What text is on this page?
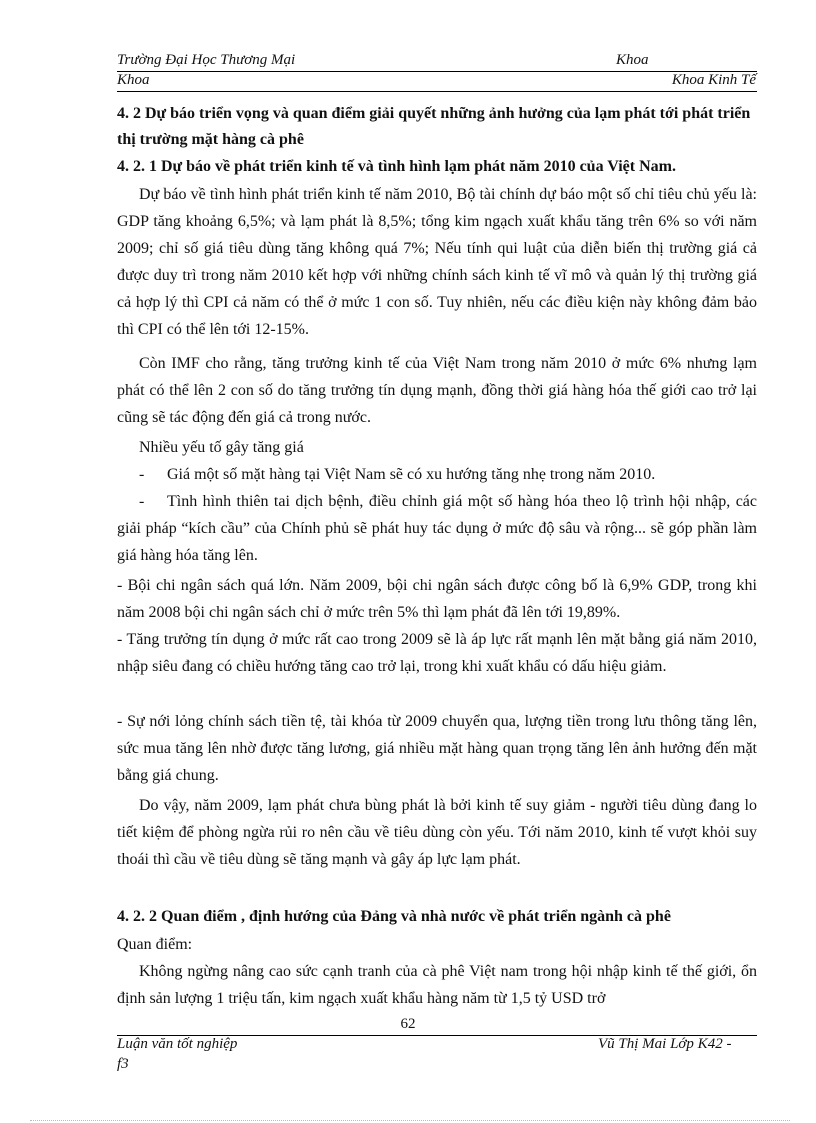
Trường Đại Học Thương Mại	Khoa
Khoa	Khoa Kinh Tế
4. 2 Dự báo triển vọng và quan điểm giải quyết những ảnh hưởng của lạm phát tới phát triển thị trường mặt hàng cà phê
4. 2. 1 Dự báo về phát triển kinh tế và tình hình lạm phát năm 2010 của Việt Nam.
Dự báo về tình hình phát triển kinh tế năm 2010, Bộ tài chính dự báo một số chỉ tiêu chủ yếu là: GDP tăng khoảng 6,5%; và lạm phát là 8,5%; tổng kim ngạch xuất khẩu tăng trên 6% so với năm 2009; chỉ số giá tiêu dùng tăng không quá 7%; Nếu tính qui luật của diễn biến thị trường giá cả được duy trì trong năm 2010 kết hợp với những chính sách kinh tế vĩ mô và quản lý thị trường giá cả hợp lý thì CPI cả năm có thể ở mức 1 con số. Tuy nhiên, nếu các điều kiện này không đảm bảo thì CPI có thể lên tới 12-15%.
Còn IMF cho rằng, tăng trưởng kinh tế của Việt Nam trong năm 2010 ở mức 6% nhưng lạm phát có thể lên 2 con số do tăng trưởng tín dụng mạnh, đồng thời giá hàng hóa thế giới cao trở lại cũng sẽ tác động đến giá cả trong nước.
Nhiều yếu tố gây tăng giá
- Giá một số mặt hàng tại Việt Nam sẽ có xu hướng tăng nhẹ trong năm 2010.
- Tình hình thiên tai dịch bệnh, điều chỉnh giá một số hàng hóa theo lộ trình hội nhập, các giải pháp “kích cầu” của Chính phủ sẽ phát huy tác dụng ở mức độ sâu và rộng... sẽ góp phần làm giá hàng hóa tăng lên.
- Bội chi ngân sách quá lớn. Năm 2009, bội chi ngân sách được công bố là 6,9% GDP, trong khi năm 2008 bội chi ngân sách chỉ ở mức trên 5% thì lạm phát đã lên tới 19,89%.
- Tăng trưởng tín dụng ở mức rất cao trong 2009 sẽ là áp lực rất mạnh lên mặt bằng giá năm 2010, nhập siêu đang có chiều hướng tăng cao trở lại, trong khi xuất khẩu có dấu hiệu giảm.
- Sự nới lỏng chính sách tiền tệ, tài khóa từ 2009 chuyển qua, lượng tiền trong lưu thông tăng lên, sức mua tăng lên nhờ được tăng lương, giá nhiều mặt hàng quan trọng tăng lên ảnh hưởng đến mặt bằng giá chung.
Do vậy, năm 2009, lạm phát chưa bùng phát là bởi kinh tế suy giảm - người tiêu dùng đang lo tiết kiệm để phòng ngừa rủi ro nên cầu về tiêu dùng còn yếu. Tới năm 2010, kinh tế vượt khỏi suy thoái thì cầu về tiêu dùng sẽ tăng mạnh và gây áp lực lạm phát.
4. 2. 2 Quan điểm , định hướng của Đảng và nhà nước về phát triển ngành cà phê
Quan điểm:
Không ngừng nâng cao sức cạnh tranh của cà phê Việt nam trong hội nhập kinh tế thế giới, ổn định sản lượng 1 triệu tấn, kim ngạch xuất khẩu hàng năm từ 1,5 tỷ USD trở
62
Luận văn tốt nghiệp	Vũ Thị Mai Lớp K42 -
f3
